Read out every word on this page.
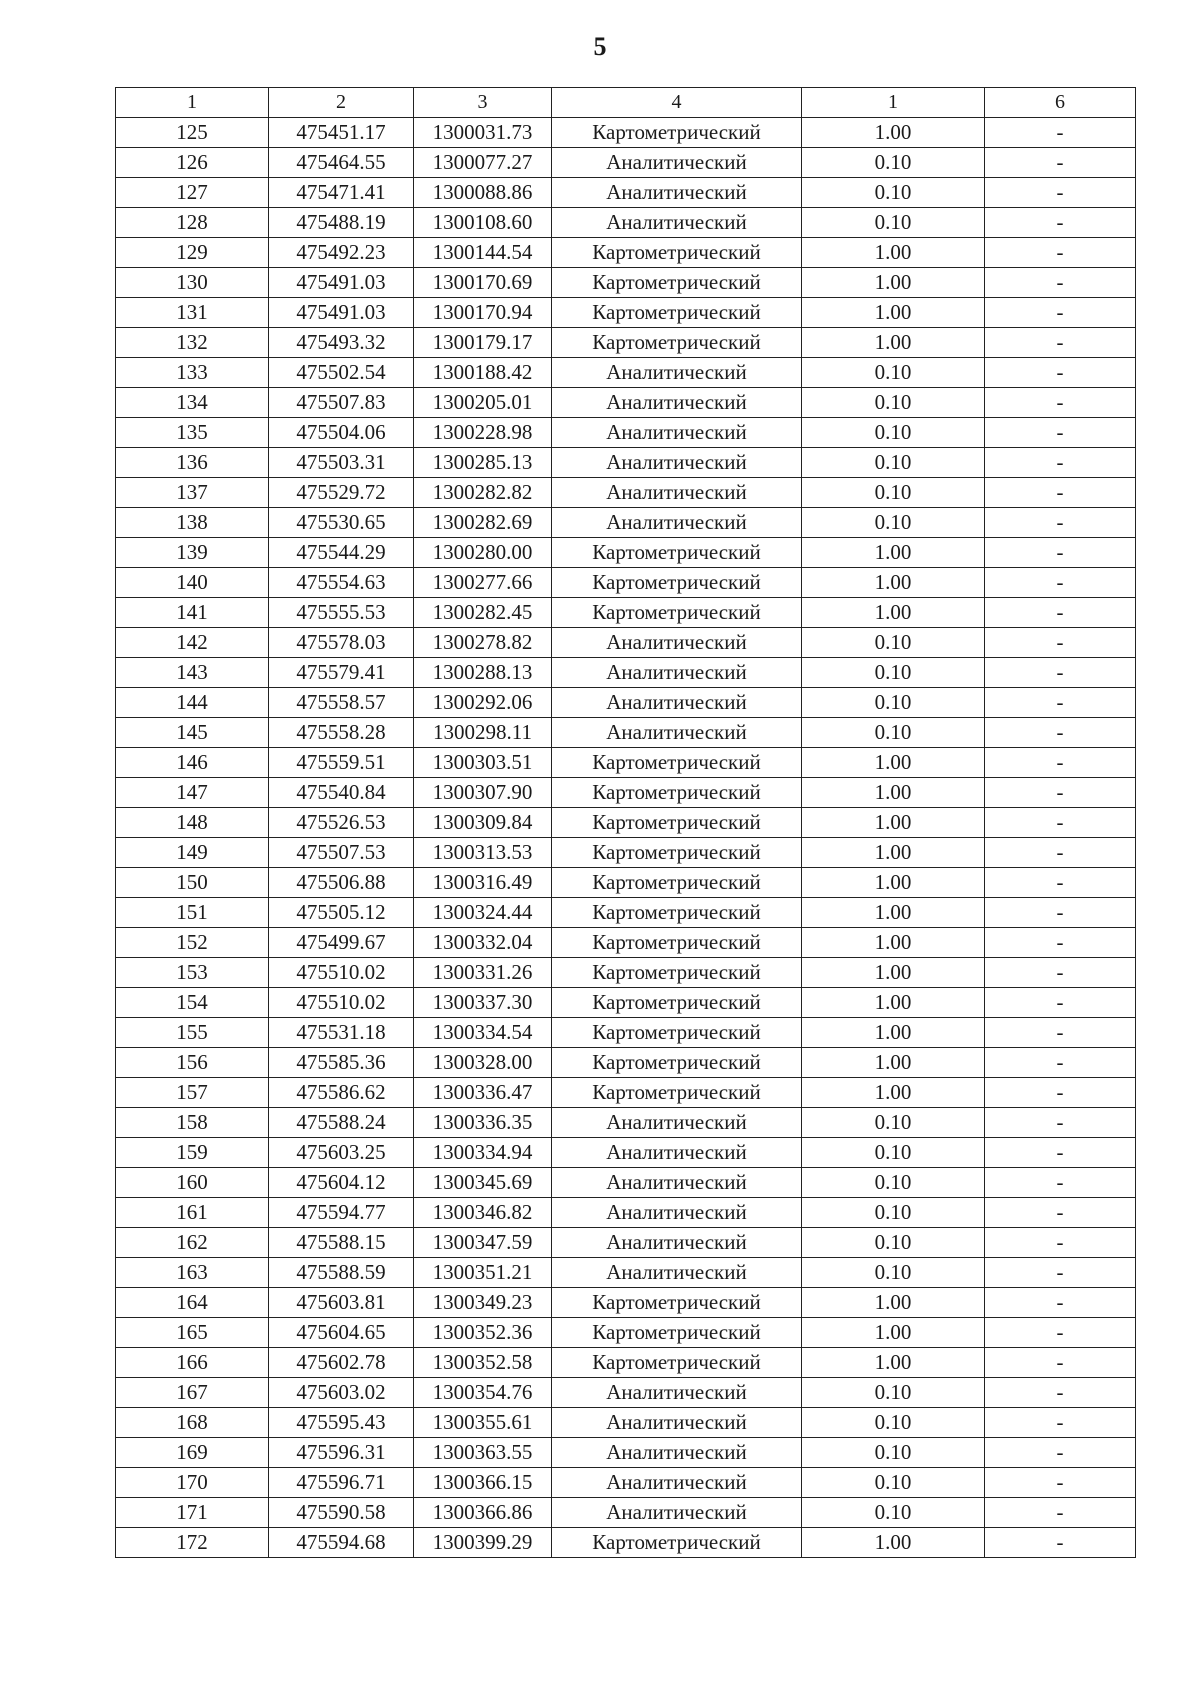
5
1	2	3	4	1	6
125	475451.17	1300031.73	Картометрический	1.00	-
126	475464.55	1300077.27	Аналитический	0.10	-
127	475471.41	1300088.86	Аналитический	0.10	-
128	475488.19	1300108.60	Аналитический	0.10	-
129	475492.23	1300144.54	Картометрический	1.00	-
130	475491.03	1300170.69	Картометрический	1.00	-
131	475491.03	1300170.94	Картометрический	1.00	-
132	475493.32	1300179.17	Картометрический	1.00	-
133	475502.54	1300188.42	Аналитический	0.10	-
134	475507.83	1300205.01	Аналитический	0.10	-
135	475504.06	1300228.98	Аналитический	0.10	-
136	475503.31	1300285.13	Аналитический	0.10	-
137	475529.72	1300282.82	Аналитический	0.10	-
138	475530.65	1300282.69	Аналитический	0.10	-
139	475544.29	1300280.00	Картометрический	1.00	-
140	475554.63	1300277.66	Картометрический	1.00	-
141	475555.53	1300282.45	Картометрический	1.00	-
142	475578.03	1300278.82	Аналитический	0.10	-
143	475579.41	1300288.13	Аналитический	0.10	-
144	475558.57	1300292.06	Аналитический	0.10	-
145	475558.28	1300298.11	Аналитический	0.10	-
146	475559.51	1300303.51	Картометрический	1.00	-
147	475540.84	1300307.90	Картометрический	1.00	-
148	475526.53	1300309.84	Картометрический	1.00	-
149	475507.53	1300313.53	Картометрический	1.00	-
150	475506.88	1300316.49	Картометрический	1.00	-
151	475505.12	1300324.44	Картометрический	1.00	-
152	475499.67	1300332.04	Картометрический	1.00	-
153	475510.02	1300331.26	Картометрический	1.00	-
154	475510.02	1300337.30	Картометрический	1.00	-
155	475531.18	1300334.54	Картометрический	1.00	-
156	475585.36	1300328.00	Картометрический	1.00	-
157	475586.62	1300336.47	Картометрический	1.00	-
158	475588.24	1300336.35	Аналитический	0.10	-
159	475603.25	1300334.94	Аналитический	0.10	-
160	475604.12	1300345.69	Аналитический	0.10	-
161	475594.77	1300346.82	Аналитический	0.10	-
162	475588.15	1300347.59	Аналитический	0.10	-
163	475588.59	1300351.21	Аналитический	0.10	-
164	475603.81	1300349.23	Картометрический	1.00	-
165	475604.65	1300352.36	Картометрический	1.00	-
166	475602.78	1300352.58	Картометрический	1.00	-
167	475603.02	1300354.76	Аналитический	0.10	-
168	475595.43	1300355.61	Аналитический	0.10	-
169	475596.31	1300363.55	Аналитический	0.10	-
170	475596.71	1300366.15	Аналитический	0.10	-
171	475590.58	1300366.86	Аналитический	0.10	-
172	475594.68	1300399.29	Картометрический	1.00	-
